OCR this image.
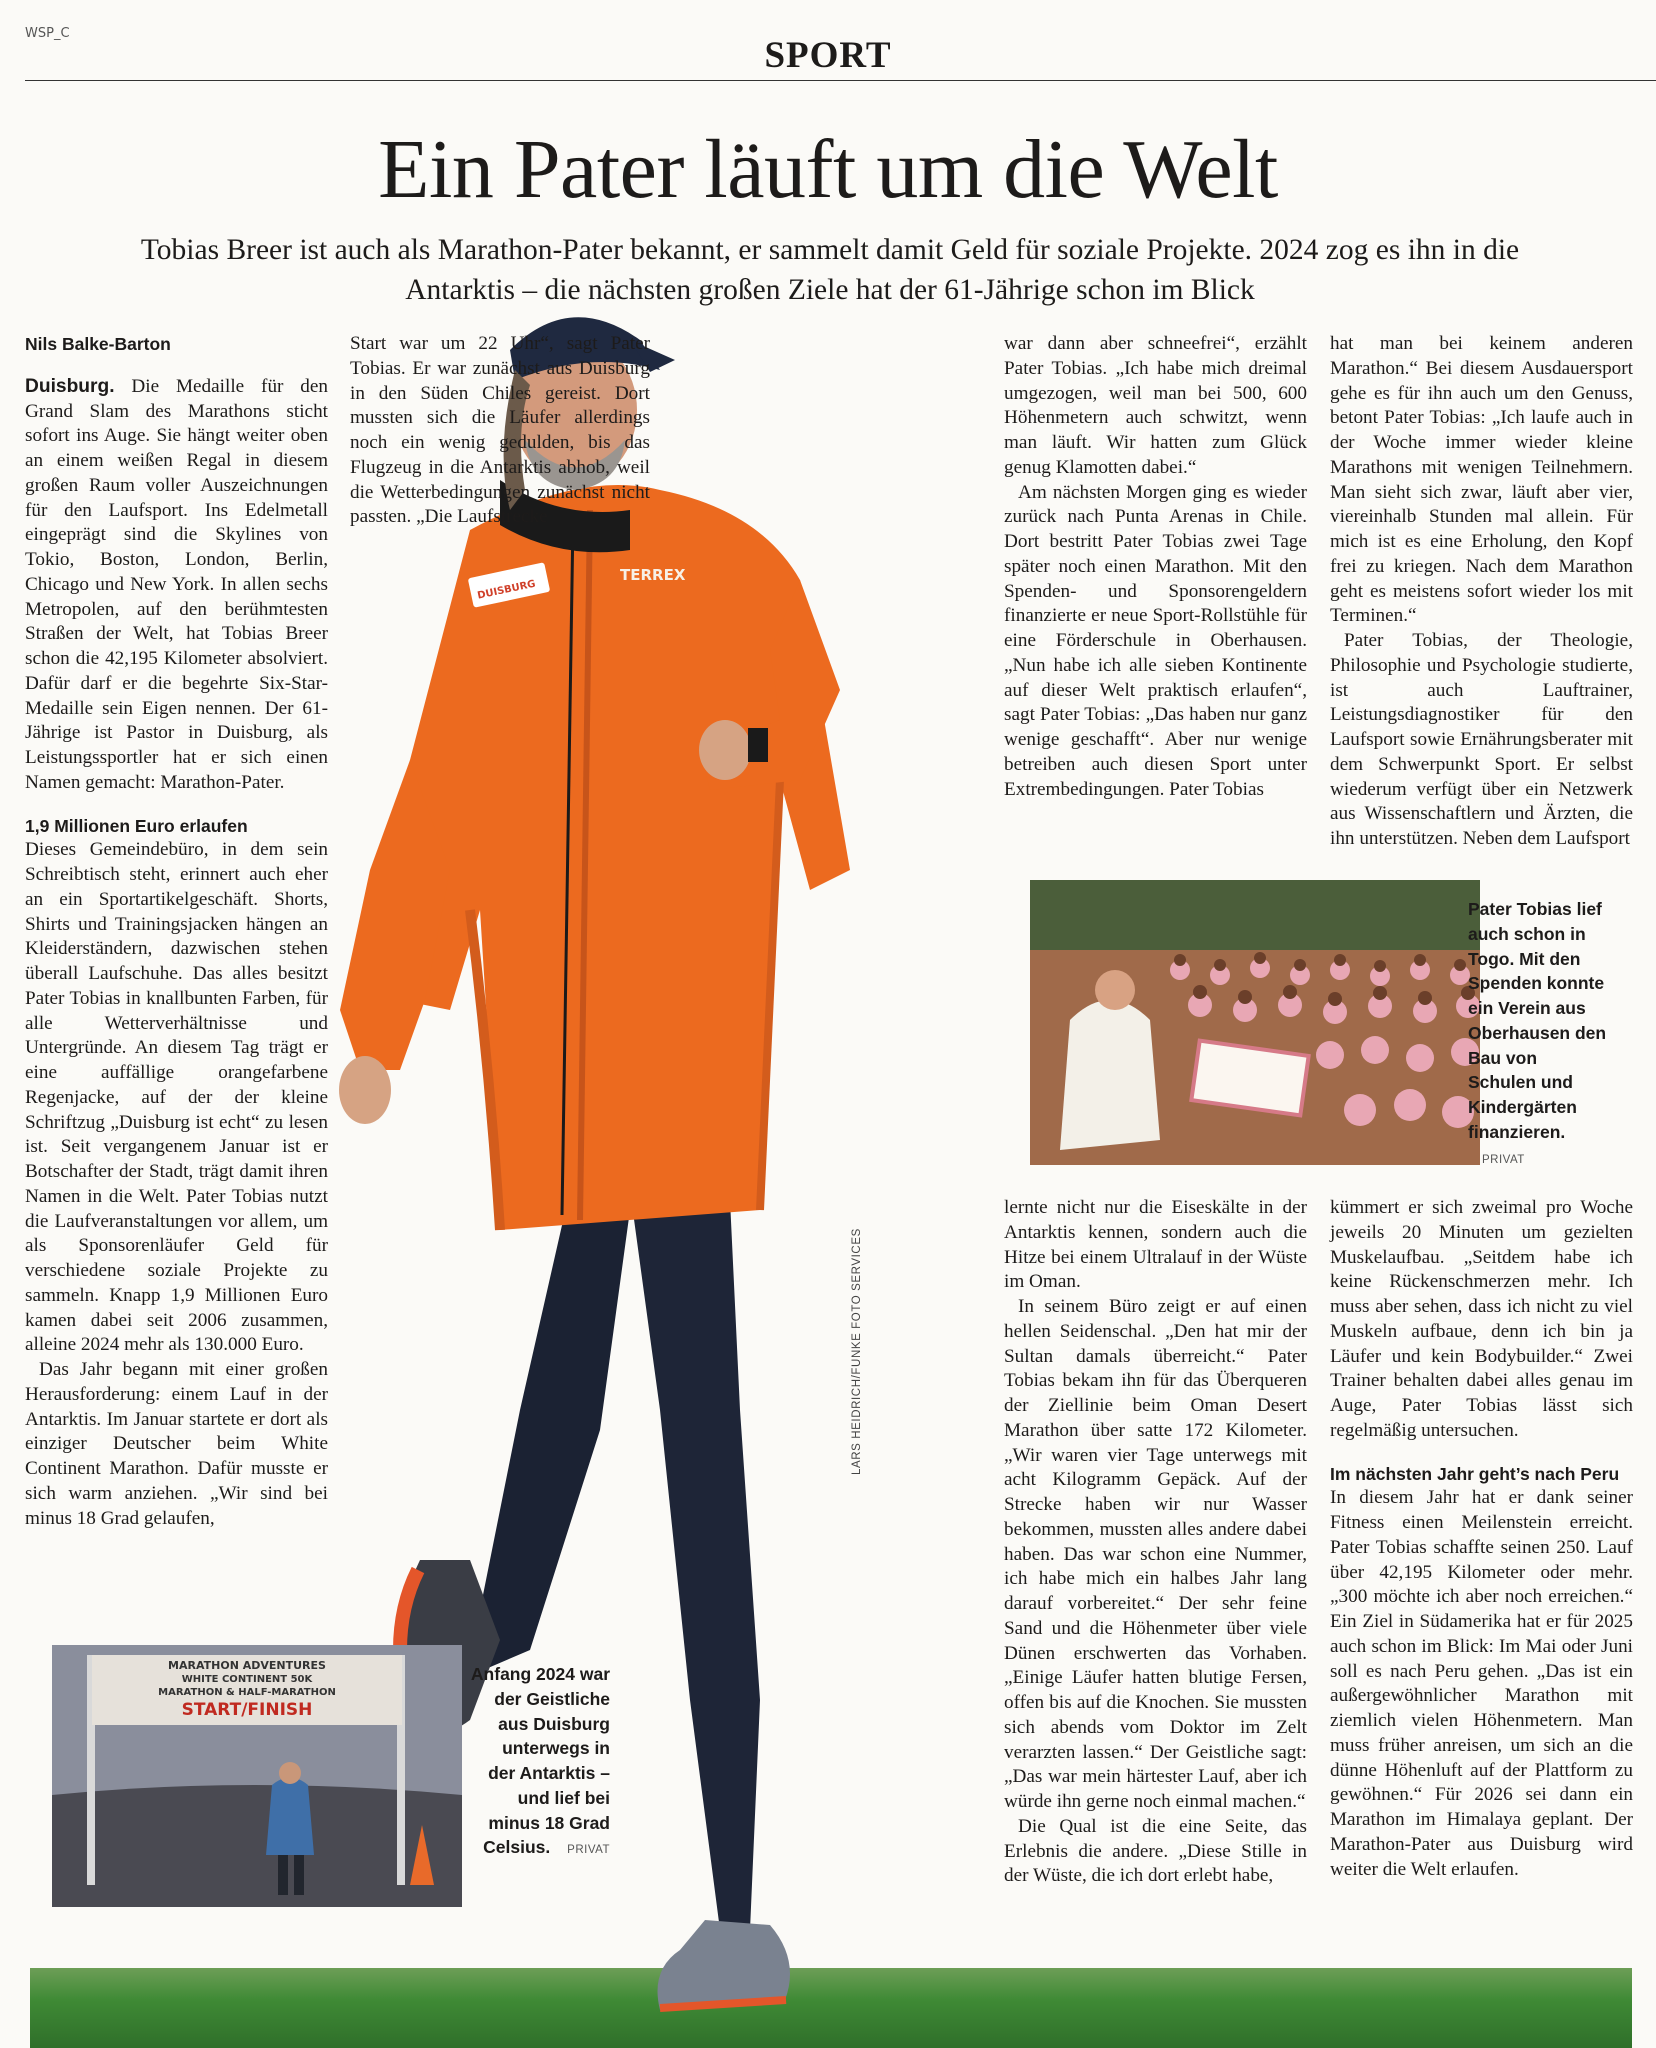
WSP_C
SPORT
Ein Pater läuft um die Welt
Tobias Breer ist auch als Marathon-Pater bekannt, er sammelt damit Geld für soziale Projekte. 2024 zog es ihn in die Antarktis – die nächsten großen Ziele hat der 61-Jährige schon im Blick
DUISBURG
TERREX
LARS HEIDRICH/FUNKE FOTO SERVICES

Nils Balke-Barton

Duisburg. Die Medaille für den Grand Slam des Marathons sticht sofort ins Auge. Sie hängt weiter oben an einem weißen Regal in diesem großen Raum voller Auszeichnungen für den Laufsport. Ins Edelmetall eingeprägt sind die Skylines von Tokio, Boston, London, Berlin, Chicago und New York. In allen sechs Metropolen, auf den berühmtesten Straßen der Welt, hat Tobias Breer schon die 42,195 Kilometer absolviert. Dafür darf er die begehrte Six-Star-Medaille sein Eigen nennen. Der 61-Jährige ist Pastor in Duisburg, als Leistungssportler hat er sich einen Namen gemacht: Marathon-Pater.

1,9 Millionen Euro erlaufen

Dieses Gemeindebüro, in dem sein Schreibtisch steht, erinnert auch eher an ein Sportartikelgeschäft. Shorts, Shirts und Trainingsjacken hängen an Kleiderständern, dazwischen stehen überall Laufschuhe. Das alles besitzt Pater Tobias in knallbunten Farben, für alle Wetterverhältnisse und Untergründe. An diesem Tag trägt er eine auffällige orangefarbene Regenjacke, auf der der kleine Schriftzug „Duisburg ist echt“ zu lesen ist. Seit vergangenem Januar ist er Botschafter der Stadt, trägt damit ihren Namen in die Welt. Pater Tobias nutzt die Laufveranstaltungen vor allem, um als Sponsorenläufer Geld für verschiedene soziale Projekte zu sammeln. Knapp 1,9 Millionen Euro kamen dabei seit 2006 zusammen, alleine 2024 mehr als 130.000 Euro.

Das Jahr begann mit einer großen Herausforderung: einem Lauf in der Antarktis. Im Januar startete er dort als einziger Deutscher beim White Continent Marathon. Dafür musste er sich warm anziehen. „Wir sind bei minus 18 Grad gelaufen,

Start war um 22 Uhr“, sagt Pater Tobias. Er war zunächst aus Duisburg in den Süden Chiles gereist. Dort mussten sich die Läufer allerdings noch ein wenig gedulden, bis das Flugzeug in die Antarktis abhob, weil die Wetterbedingungen zunächst nicht passten. „Die Laufstrecke

war dann aber schneefrei“, erzählt Pater Tobias. „Ich habe mich dreimal umgezogen, weil man bei 500, 600 Höhenmetern auch schwitzt, wenn man läuft. Wir hatten zum Glück genug Klamotten dabei.“

Am nächsten Morgen ging es wieder zurück nach Punta Arenas in Chile. Dort bestritt Pater Tobias zwei Tage später noch einen Marathon. Mit den Spenden- und Sponsorengeldern finanzierte er neue Sport-Rollstühle für eine Förderschule in Oberhausen. „Nun habe ich alle sieben Kontinente auf dieser Welt praktisch erlaufen“, sagt Pater Tobias: „Das haben nur ganz wenige geschafft“. Aber nur wenige betreiben auch diesen Sport unter Extrembedingungen. Pater Tobias

hat man bei keinem anderen Marathon.“ Bei diesem Ausdauersport gehe es für ihn auch um den Genuss, betont Pater Tobias: „Ich laufe auch in der Woche immer wieder kleine Marathons mit wenigen Teilnehmern. Man sieht sich zwar, läuft aber vier, viereinhalb Stunden mal allein. Für mich ist es eine Erholung, den Kopf frei zu kriegen. Nach dem Marathon geht es meistens sofort wieder los mit Terminen.“

Pater Tobias, der Theologie, Philosophie und Psychologie studierte, ist auch Lauftrainer, Leistungsdiagnostiker für den Laufsport sowie Ernährungsberater mit dem Schwerpunkt Sport. Er selbst wiederum verfügt über ein Netzwerk aus Wissenschaftlern und Ärzten, die ihn unterstützen. Neben dem Laufsport

Pater Tobias lief auch schon in Togo. Mit den Spenden konnte ein Verein aus Oberhausen den Bau von Schulen und Kindergärten finanzieren. PRIVAT

lernte nicht nur die Eiseskälte in der Antarktis kennen, sondern auch die Hitze bei einem Ultralauf in der Wüste im Oman.

In seinem Büro zeigt er auf einen hellen Seidenschal. „Den hat mir der Sultan damals überreicht.“ Pater Tobias bekam ihn für das Überqueren der Ziellinie beim Oman Desert Marathon über satte 172 Kilometer. „Wir waren vier Tage unterwegs mit acht Kilogramm Gepäck. Auf der Strecke haben wir nur Wasser bekommen, mussten alles andere dabei haben. Das war schon eine Nummer, ich habe mich ein halbes Jahr lang darauf vorbereitet.“ Der sehr feine Sand und die Höhenmeter über viele Dünen erschwerten das Vorhaben. „Einige Läufer hatten blutige Fersen, offen bis auf die Knochen. Sie mussten sich abends vom Doktor im Zelt verarzten lassen.“ Der Geistliche sagt: „Das war mein härtester Lauf, aber ich würde ihn gerne noch einmal machen.“

Die Qual ist die eine Seite, das Erlebnis die andere. „Diese Stille in der Wüste, die ich dort erlebt habe,

kümmert er sich zweimal pro Woche jeweils 20 Minuten um gezielten Muskelaufbau. „Seitdem habe ich keine Rückenschmerzen mehr. Ich muss aber sehen, dass ich nicht zu viel Muskeln aufbaue, denn ich bin ja Läufer und kein Bodybuilder.“ Zwei Trainer behalten dabei alles genau im Auge, Pater Tobias lässt sich regelmäßig untersuchen.

Im nächsten Jahr geht’s nach Peru

In diesem Jahr hat er dank seiner Fitness einen Meilenstein erreicht. Pater Tobias schaffte seinen 250. Lauf über 42,195 Kilometer oder mehr. „300 möchte ich aber noch erreichen.“ Ein Ziel in Südamerika hat er für 2025 auch schon im Blick: Im Mai oder Juni soll es nach Peru gehen. „Das ist ein außergewöhnlicher Marathon mit ziemlich vielen Höhenmetern. Man muss früher anreisen, um sich an die dünne Höhenluft auf der Plattform zu gewöhnen.“ Für 2026 sei dann ein Marathon im Himalaya geplant. Der Marathon-Pater aus Duisburg wird weiter die Welt erlaufen.

MARATHON ADVENTURES
WHITE CONTINENT 50K
MARATHON & HALF-MARATHON
START/FINISH
Anfang 2024 war der Geistliche aus Duisburg unterwegs in der Antarktis – und lief bei minus 18 Grad Celsius. PRIVAT
